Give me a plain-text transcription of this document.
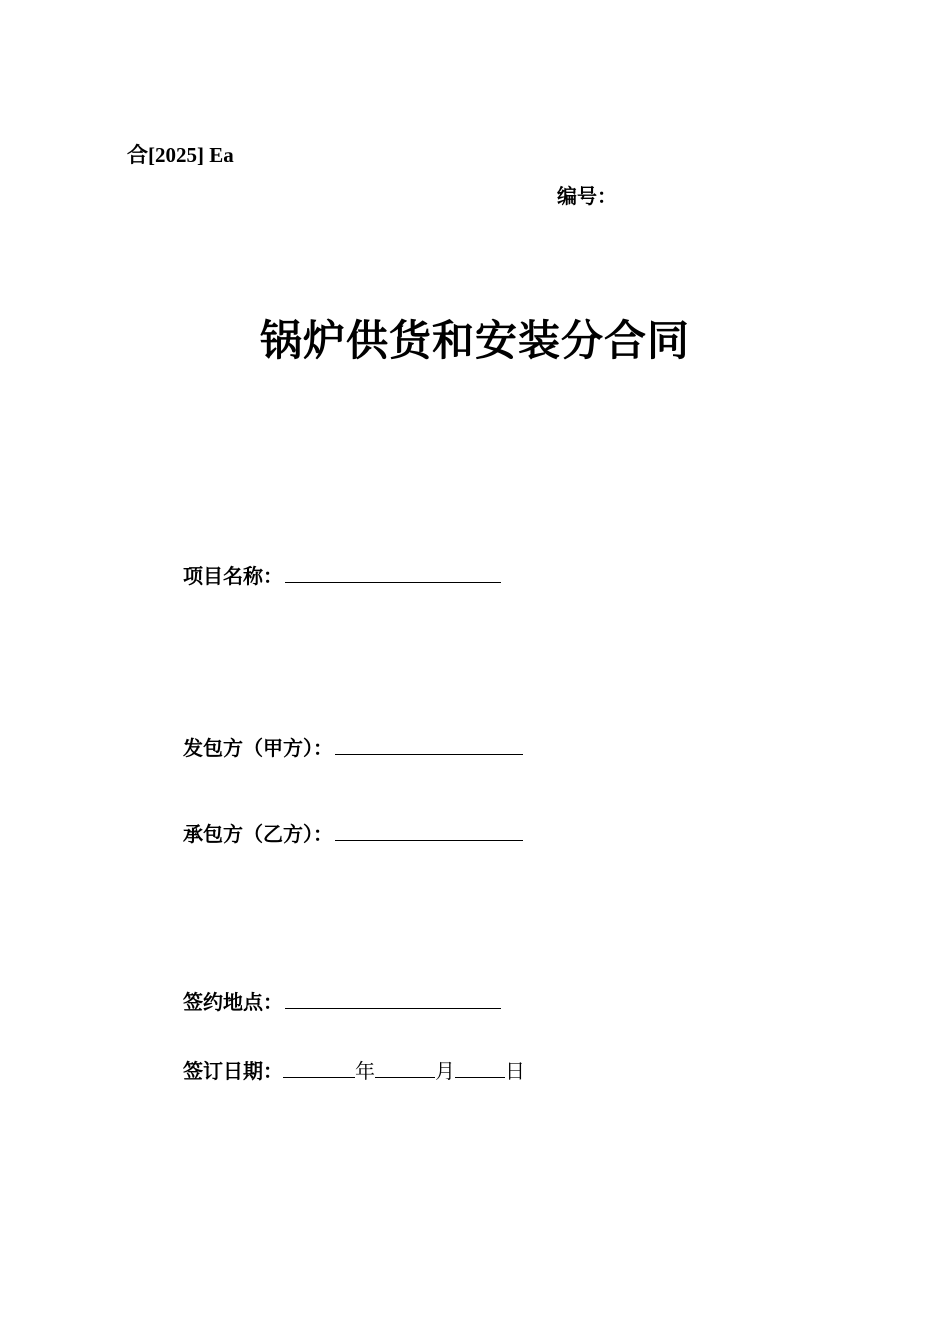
合[2025] Ea
编号：
锅炉供货和安装分合同
项目名称：
发包方（甲方）：
承包方（乙方）：
签约地点：
签订日期：	年	月	日
